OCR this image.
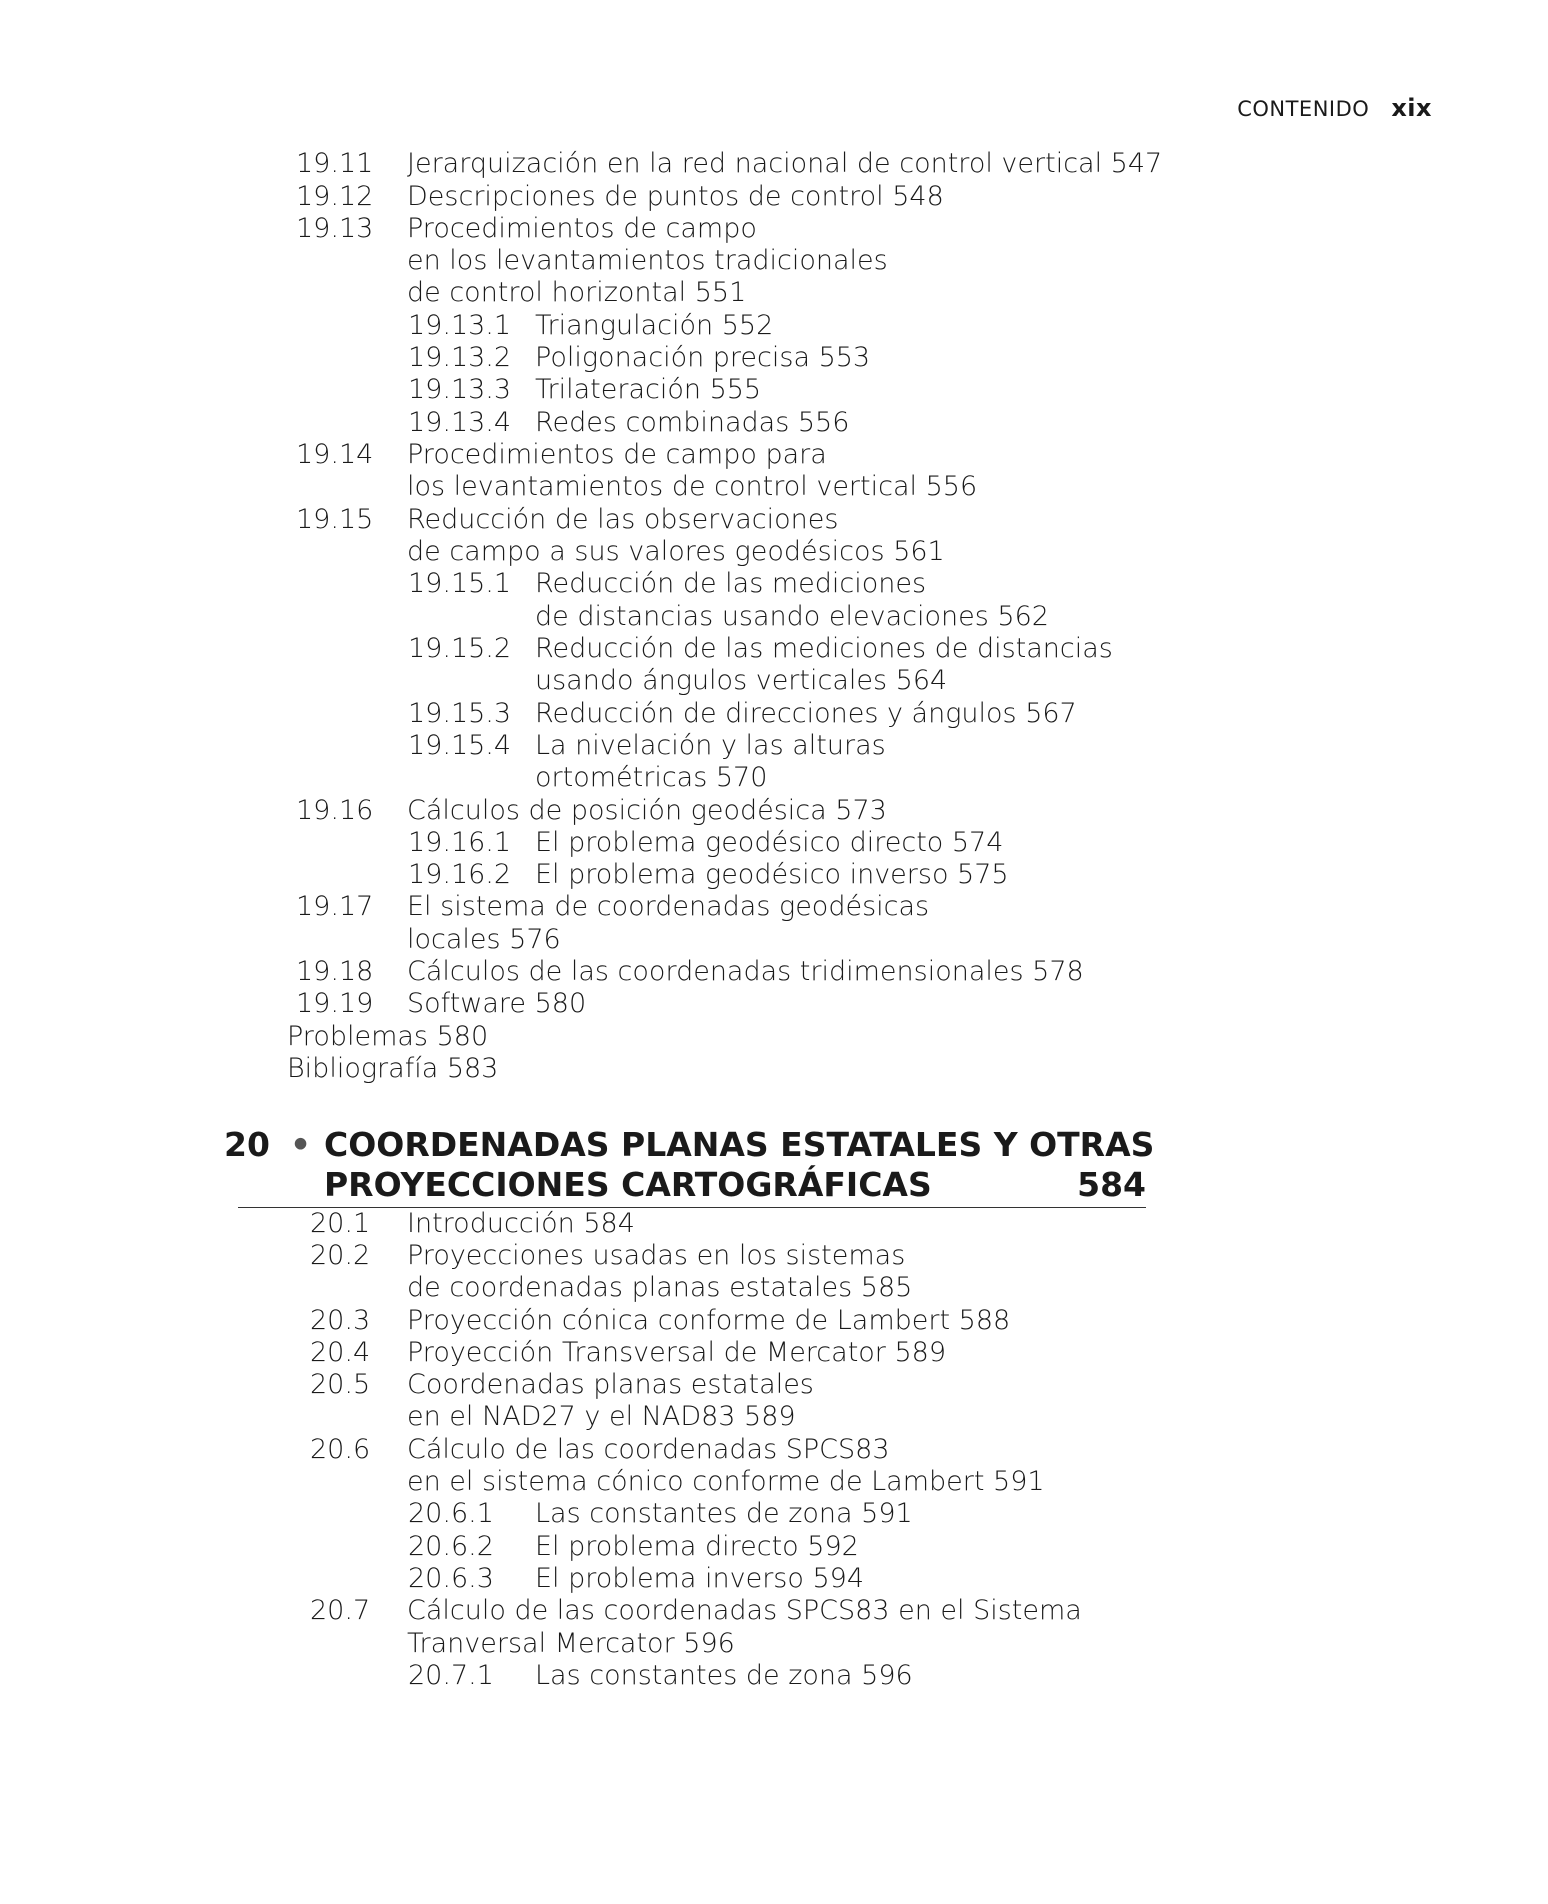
CONTENIDO xix
19.11 Jerarquización en la red nacional de control vertical 547
19.12 Descripciones de puntos de control 548
19.13 Procedimientos de campo
en los levantamientos tradicionales
de control horizontal 551
19.13.1 Triangulación 552
19.13.2 Poligonación precisa 553
19.13.3 Trilateración 555
19.13.4 Redes combinadas 556
19.14 Procedimientos de campo para
los levantamientos de control vertical 556
19.15 Reducción de las observaciones
de campo a sus valores geodésicos 561
19.15.1 Reducción de las mediciones
de distancias usando elevaciones 562
19.15.2 Reducción de las mediciones de distancias
usando ángulos verticales 564
19.15.3 Reducción de direcciones y ángulos 567
19.15.4 La nivelación y las alturas
ortométricas 570
19.16 Cálculos de posición geodésica 573
19.16.1 El problema geodésico directo 574
19.16.2 El problema geodésico inverso 575
19.17 El sistema de coordenadas geodésicas
locales 576
19.18 Cálculos de las coordenadas tridimensionales 578
19.19 Software 580
Problemas 580
Bibliografía 583
20.1 Introducción 584
20.2 Proyecciones usadas en los sistemas
de coordenadas planas estatales 585
20.3 Proyección cónica conforme de Lambert 588
20.4 Proyección Transversal de Mercator 589
20.5 Coordenadas planas estatales
en el NAD27 y el NAD83 589
20.6 Cálculo de las coordenadas SPCS83
en el sistema cónico conforme de Lambert 591
20.6.1 Las constantes de zona 591
20.6.2 El problema directo 592
20.6.3 El problema inverso 594
20.7 Cálculo de las coordenadas SPCS83 en el Sistema
Tranversal Mercator 596
20.7.1 Las constantes de zona 596
20 • COORDENADAS PLANAS ESTATALES Y OTRAS
PROYECCIONES CARTOGRÁFICAS	584
